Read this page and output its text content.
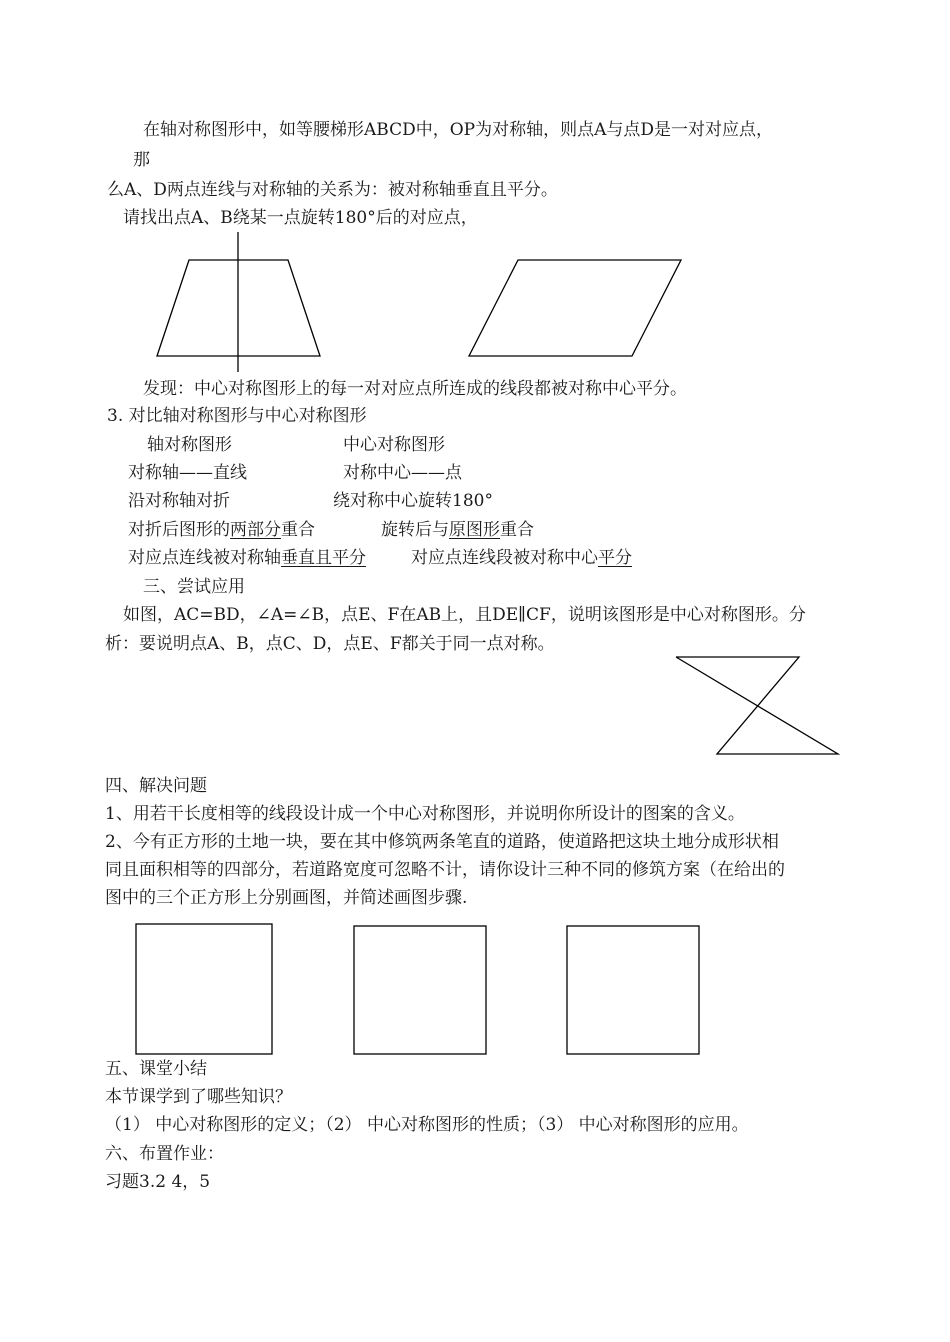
在轴对称图形中，如等腰梯形ABCD中，OP为对称轴，则点A与点D是一对对应点，
那
么A、D两点连线与对称轴的关系为：被对称轴垂直且平分。
请找出点A、B绕某一点旋转180°后的对应点，
发现：中心对称图形上的每一对对应点所连成的线段都被对称中心平分。
3. 对比轴对称图形与中心对称图形
轴对称图形	中心对称图形
对称轴——直线	对称中心——点
沿对称轴对折	绕对称中心旋转180°
对折后图形的两部分重合	旋转后与原图形重合
对应点连线被对称轴垂直且平分	对应点连线段被对称中心平分
三、尝试应用
如图，AC=BD，∠A=∠B，点E、F在AB上，且DE∥CF，说明该图形是中心对称图形。分
析：要说明点A、B，点C、D，点E、F都关于同一点对称。
四、解决问题
1、用若干长度相等的线段设计成一个中心对称图形，并说明你所设计的图案的含义。
2、今有正方形的土地一块，要在其中修筑两条笔直的道路，使道路把这块土地分成形状相
同且面积相等的四部分，若道路宽度可忽略不计，请你设计三种不同的修筑方案（在给出的
图中的三个正方形上分别画图，并简述画图步骤.
五、课堂小结
本节课学到了哪些知识？
（1） 中心对称图形的定义；（2） 中心对称图形的性质；（3） 中心对称图形的应用。
六、布置作业：
习题3.2 4，5
